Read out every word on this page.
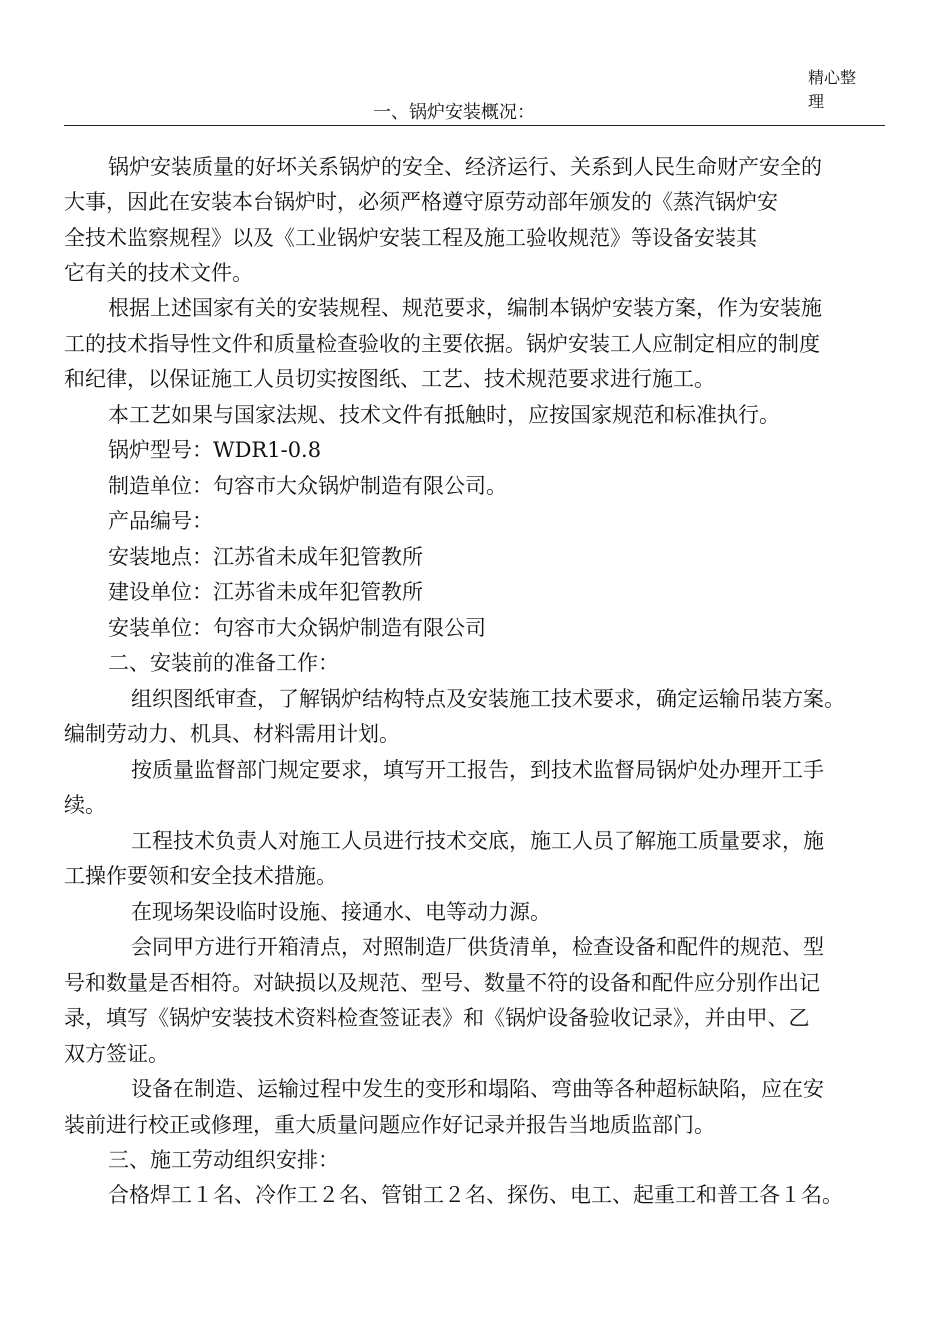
精心整
理
一、锅炉安装概况：
锅炉安装质量的好坏关系锅炉的安全、经济运行、关系到人民生命财产安全的
大事，因此在安装本台锅炉时，必须严格遵守原劳动部年颁发的《蒸汽锅炉安
全技术监察规程》以及《工业锅炉安装工程及施工验收规范》等设备安装其
它有关的技术文件。
根据上述国家有关的安装规程、规范要求，编制本锅炉安装方案，作为安装施
工的技术指导性文件和质量检查验收的主要依据。锅炉安装工人应制定相应的制度
和纪律，以保证施工人员切实按图纸、工艺、技术规范要求进行施工。
本工艺如果与国家法规、技术文件有抵触时，应按国家规范和标准执行。
锅炉型号：WDR1-0.8
制造单位：句容市大众锅炉制造有限公司。
产品编号：
安装地点：江苏省未成年犯管教所
建设单位：江苏省未成年犯管教所
安装单位：句容市大众锅炉制造有限公司
二、安装前的准备工作：
组织图纸审查，了解锅炉结构特点及安装施工技术要求，确定运输吊装方案。
编制劳动力、机具、材料需用计划。
按质量监督部门规定要求，填写开工报告，到技术监督局锅炉处办理开工手
续。
工程技术负责人对施工人员进行技术交底，施工人员了解施工质量要求，施
工操作要领和安全技术措施。
在现场架设临时设施、接通水、电等动力源。
会同甲方进行开箱清点，对照制造厂供货清单，检查设备和配件的规范、型
号和数量是否相符。对缺损以及规范、型号、数量不符的设备和配件应分别作出记
录，填写《锅炉安装技术资料检查签证表》和《锅炉设备验收记录》，并由甲、乙
双方签证。
设备在制造、运输过程中发生的变形和塌陷、弯曲等各种超标缺陷，应在安
装前进行校正或修理，重大质量问题应作好记录并报告当地质监部门。
三、施工劳动组织安排：
合格焊工１名、冷作工２名、管钳工２名、探伤、电工、起重工和普工各１名。
